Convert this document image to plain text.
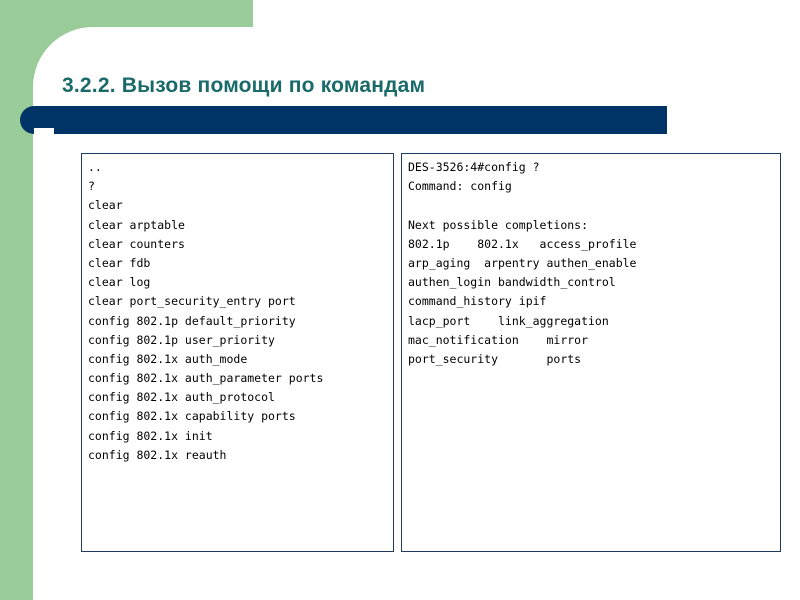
3.2.2. Вызов помощи по командам
..
?
clear
clear arptable
clear counters
clear fdb
clear log
clear port_security_entry port
config 802.1p default_priority
config 802.1p user_priority
config 802.1x auth_mode
config 802.1x auth_parameter ports
config 802.1x auth_protocol
config 802.1x capability ports
config 802.1x init
config 802.1x reauth
DES-3526:4#config ?
Command: config
Next possible completions:
802.1p    802.1x   access_profile
arp_aging  arpentry authen_enable
authen_login bandwidth_control
command_history ipif
lacp_port    link_aggregation
mac_notification    mirror
port_security       ports
